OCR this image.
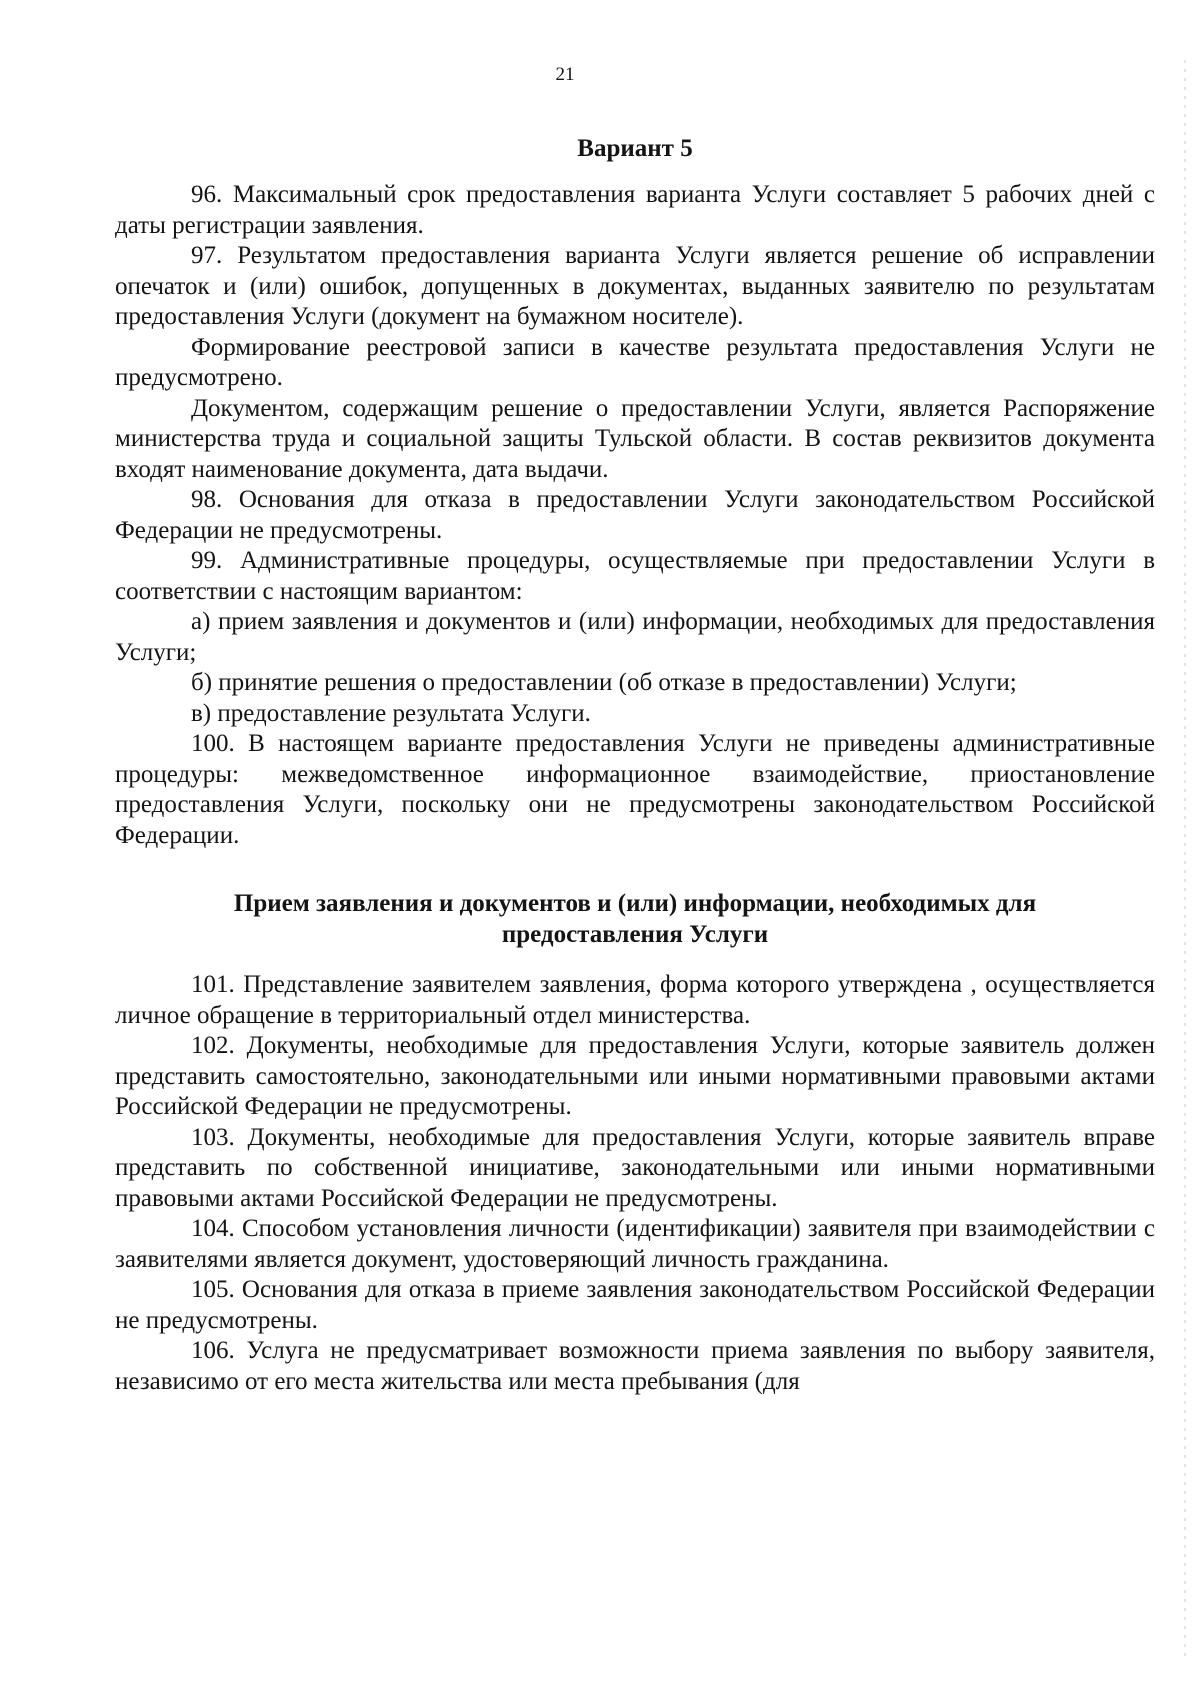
21
Вариант 5

96. Максимальный срок предоставления варианта Услуги составляет 5 рабочих дней с даты регистрации заявления.

97. Результатом предоставления варианта Услуги является решение об исправлении опечаток и (или) ошибок, допущенных в документах, выданных заявителю по результатам предоставления Услуги (документ на бумажном носителе).

Формирование реестровой записи в качестве результата предоставления Услуги не предусмотрено.

Документом, содержащим решение о предоставлении Услуги, является Распоряжение министерства труда и социальной защиты Тульской области. В состав реквизитов документа входят наименование документа, дата выдачи.

98. Основания для отказа в предоставлении Услуги законодательством Российской Федерации не предусмотрены.

99. Административные процедуры, осуществляемые при предоставлении Услуги в соответствии с настоящим вариантом:

а) прием заявления и документов и (или) информации, необходимых для предоставления Услуги;

б) принятие решения о предоставлении (об отказе в предоставлении) Услуги;

в) предоставление результата Услуги.

100. В настоящем варианте предоставления Услуги не приведены административные процедуры: межведомственное информационное взаимодействие, приостановление предоставления Услуги, поскольку они не предусмотрены законодательством Российской Федерации.

Прием заявления и документов и (или) информации, необходимых для предоставления Услуги

101. Представление заявителем заявления, форма которого утверждена , осуществляется личное обращение в территориальный отдел министерства.

102. Документы, необходимые для предоставления Услуги, которые заявитель должен представить самостоятельно, законодательными или иными нормативными правовыми актами Российской Федерации не предусмотрены.

103. Документы, необходимые для предоставления Услуги, которые заявитель вправе представить по собственной инициативе, законодательными или иными нормативными правовыми актами Российской Федерации не предусмотрены.

104. Способом установления личности (идентификации) заявителя при взаимодействии с заявителями является документ, удостоверяющий личность гражданина.

105. Основания для отказа в приеме заявления законодательством Российской Федерации не предусмотрены.

106. Услуга не предусматривает возможности приема заявления по выбору заявителя, независимо от его места жительства или места пребывания (для
